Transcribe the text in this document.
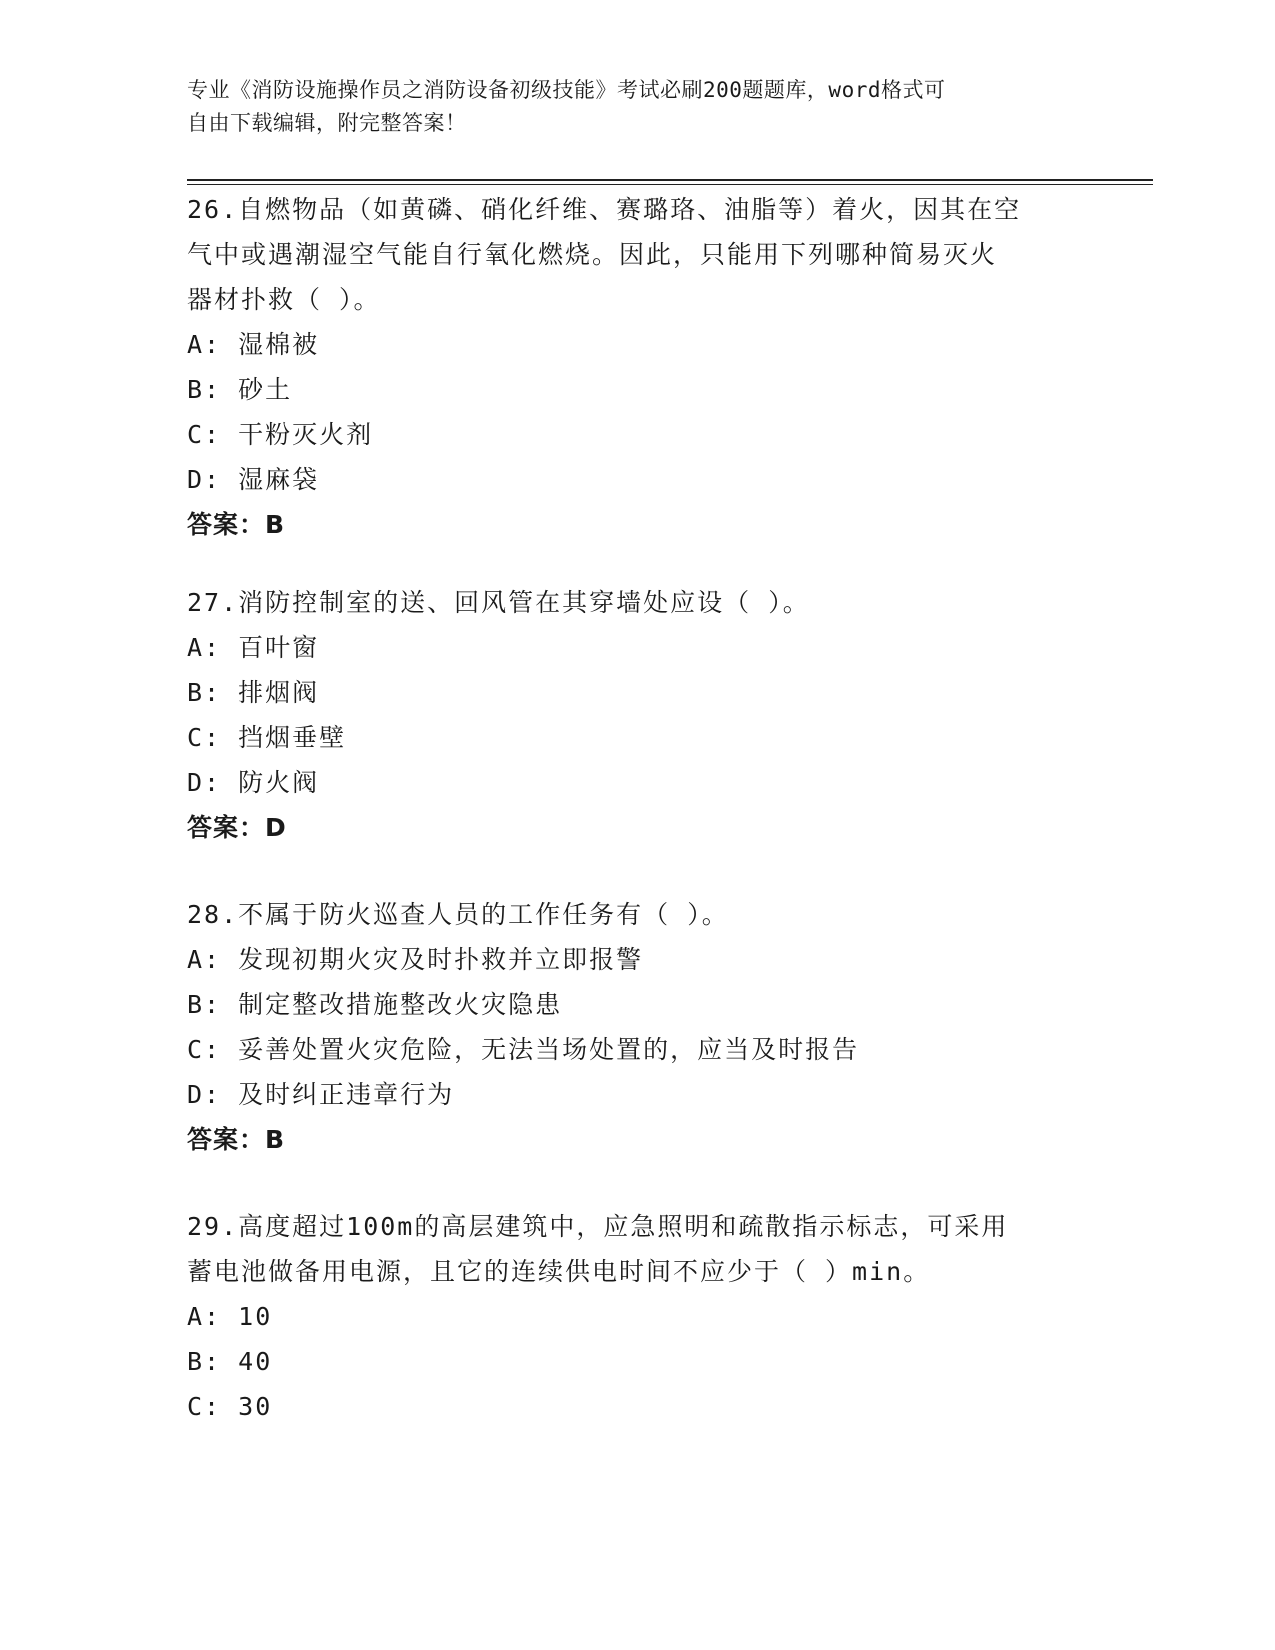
专业《消防设施操作员之消防设备初级技能》考试必刷200题题库，word格式可
自由下载编辑，附完整答案！
26.自燃物品（如黄磷、硝化纤维、赛璐珞、油脂等）着火，因其在空
气中或遇潮湿空气能自行氧化燃烧。因此，只能用下列哪种简易灭火
器材扑救（ ）。
A: 湿棉被
B: 砂土
C: 干粉灭火剂
D: 湿麻袋
答案：B
27.消防控制室的送、回风管在其穿墙处应设（ ）。
A: 百叶窗
B: 排烟阀
C: 挡烟垂壁
D: 防火阀
答案：D
28.不属于防火巡查人员的工作任务有（ ）。
A: 发现初期火灾及时扑救并立即报警
B: 制定整改措施整改火灾隐患
C: 妥善处置火灾危险，无法当场处置的，应当及时报告
D: 及时纠正违章行为
答案：B
29.高度超过100m的高层建筑中，应急照明和疏散指示标志，可采用
蓄电池做备用电源，且它的连续供电时间不应少于（ ）min。
A: 10
B: 40
C: 30
